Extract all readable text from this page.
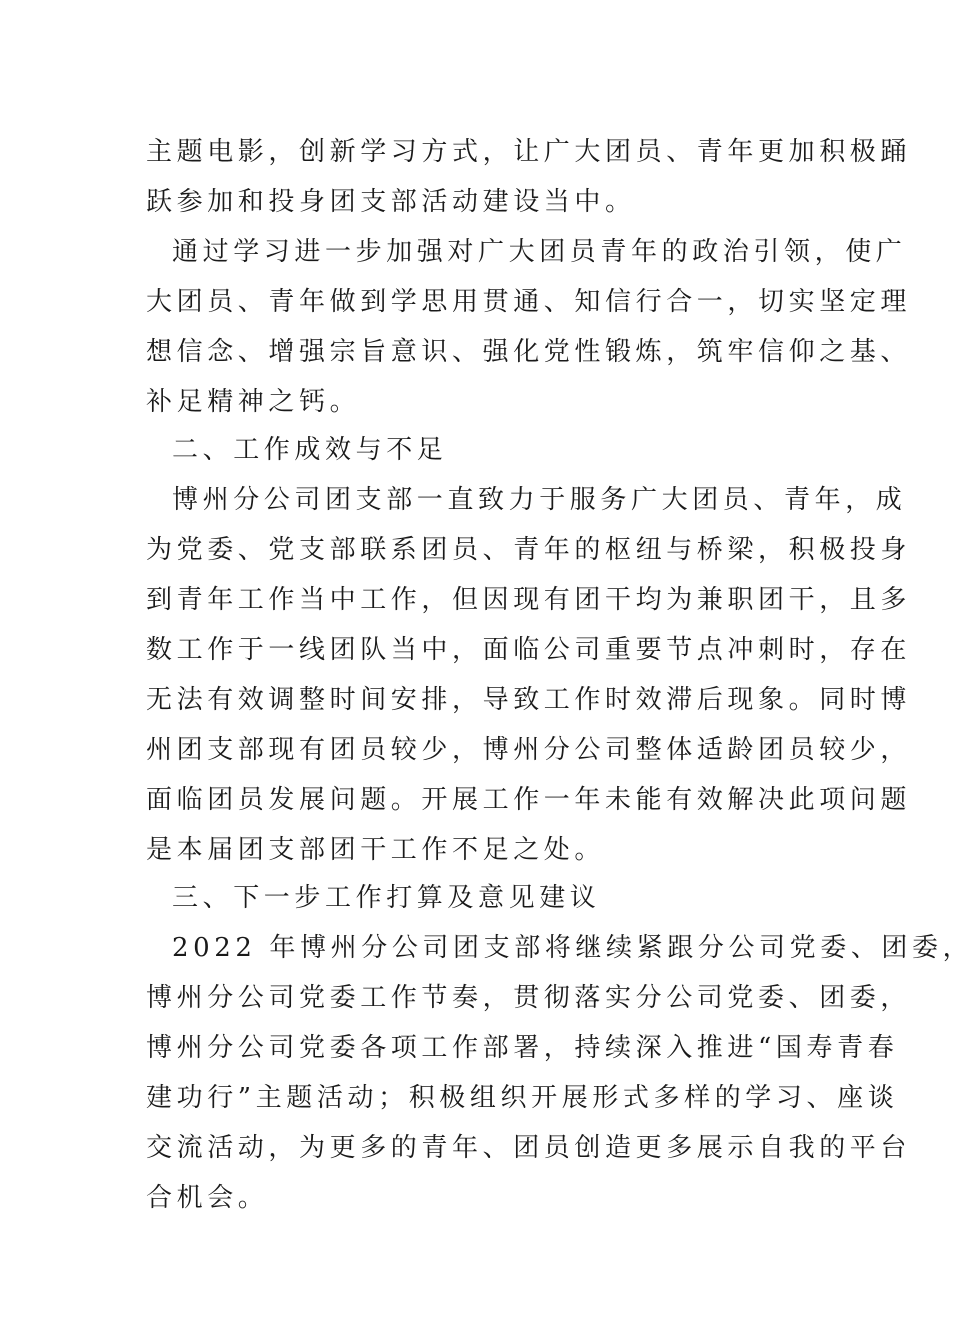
主题电影，创新学习方式，让广大团员、青年更加积极踊
跃参加和投身团支部活动建设当中。
通过学习进一步加强对广大团员青年的政治引领，使广
大团员、青年做到学思用贯通、知信行合一，切实坚定理
想信念、增强宗旨意识、强化党性锻炼，筑牢信仰之基、
补足精神之钙。
二、工作成效与不足
博州分公司团支部一直致力于服务广大团员、青年，成
为党委、党支部联系团员、青年的枢纽与桥梁，积极投身
到青年工作当中工作，但因现有团干均为兼职团干，且多
数工作于一线团队当中，面临公司重要节点冲刺时，存在
无法有效调整时间安排，导致工作时效滞后现象。同时博
州团支部现有团员较少，博州分公司整体适龄团员较少，
面临团员发展问题。开展工作一年未能有效解决此项问题
是本届团支部团干工作不足之处。
三、下一步工作打算及意见建议
2022 年博州分公司团支部将继续紧跟分公司党委、团委，
博州分公司党委工作节奏，贯彻落实分公司党委、团委，
博州分公司党委各项工作部署，持续深入推进“国寿青春
建功行”主题活动；积极组织开展形式多样的学习、座谈
交流活动，为更多的青年、团员创造更多展示自我的平台
合机会。
